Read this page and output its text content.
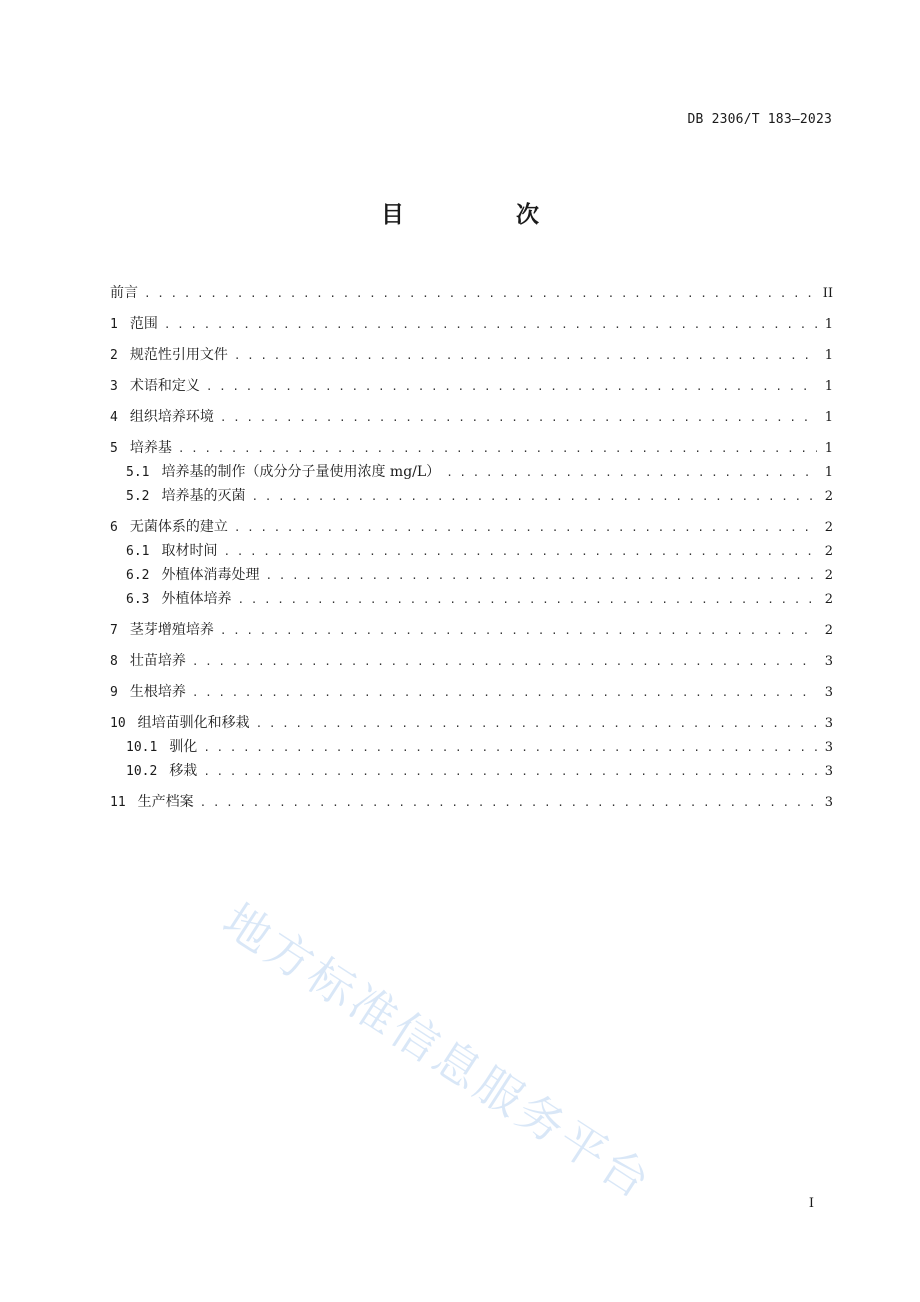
DB 2306/T 183—2023
目 次
前言 . . .	II
1 范围 . . .	1
2 规范性引用文件 . . .	1
3 术语和定义 . . .	1
4 组织培养环境 . . .	1
5 培养基 . . .	1
5.1 培养基的制作（成分分子量使用浓度 mg/L） . . .	1
5.2 培养基的灭菌 . . .	2
6 无菌体系的建立 . . .	2
6.1 取材时间 . . .	2
6.2 外植体消毒处理 . . .	2
6.3 外植体培养 . . .	2
7 茎芽增殖培养 . . .	2
8 壮苗培养 . . .	3
9 生根培养 . . .	3
10 组培苗驯化和移栽 . . .	3
10.1 驯化 . . .	3
10.2 移栽 . . .	3
11 生产档案 . . .	3
地方标准信息服务平台	I
